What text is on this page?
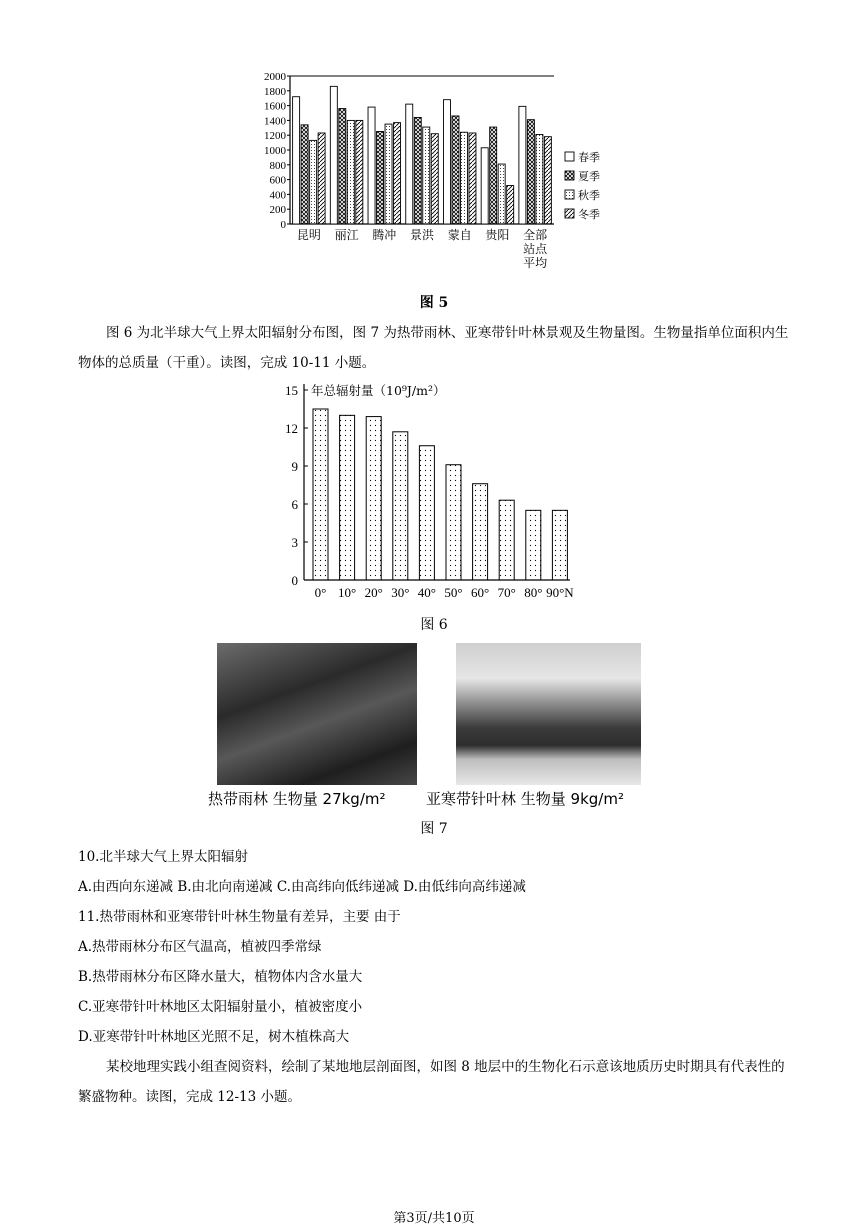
0
200
400
600
800
1000
1200
1400
1600
1800
2000
昆明 丽江 腾冲 景洪 蒙自 贵阳 全部
站点
平均
春季
夏季
秋季
冬季
图 5
图 6 为北半球大气上界太阳辐射分布图，图 7 为热带雨林、亚寒带针叶林景观及生物量图。生物量指单位面积内生物体的总质量（干重）。读图，完成 10-11 小题。
0
3
6
9
12
15 年总辐射量（10⁹J/m²）
0° 10° 20° 30° 40° 50° 60° 70° 80° 90°N
图 6
热带雨林 生物量 27kg/m²	亚寒带针叶林 生物量 9kg/m²
图 7
10.北半球大气上界太阳辐射
A.由西向东递减 B.由北向南递减 C.由高纬向低纬递减 D.由低纬向高纬递减
11.热带雨林和亚寒带针叶林生物量有差异，主要 由于
A.热带雨林分布区气温高，植被四季常绿
B.热带雨林分布区降水量大，植物体内含水量大
C.亚寒带针叶林地区太阳辐射量小，植被密度小
D.亚寒带针叶林地区光照不足，树木植株高大
某校地理实践小组查阅资料，绘制了某地地层剖面图，如图 8 地层中的生物化石示意该地质历史时期具有代表性的繁盛物种。读图，完成 12-13 小题。
第3页/共10页
